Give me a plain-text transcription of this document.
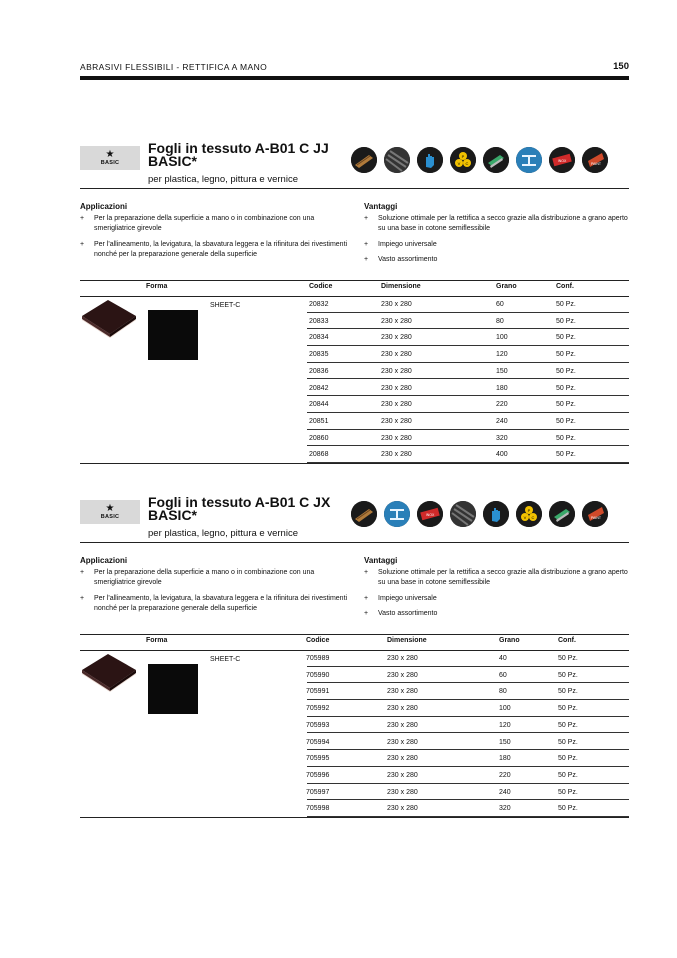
ABRASIVI FLESSIBILI - RETTIFICA A MANO	150
★
BASIC
Fogli in tessuto A-B01 C JJ BASIC*
per plastica, legno, pittura e vernice
P
V C	INOX
PAINT
Applicazioni
+ Per la preparazione della superficie a mano o in combinazione con una smerigliatrice girevole
+ Per l'allineamento, la levigatura, la sbavatura leggera e la rifinitura dei rivestimenti nonché per la preparazione generale della superficie
Vantaggi
+ Soluzione ottimale per la rettifica a secco grazie alla distribuzione a grano aperto su una base in cotone semiflessibile
+ Impiego universale
+ Vasto assortimento
Forma	Codice	Dimensione	Grano	Conf.
SHEET-C	20832	230 x 280	60	50 Pz.
20833	230 x 280	80	50 Pz.
20834	230 x 280	100	50 Pz.
20835	230 x 280	120	50 Pz.
20836	230 x 280	150	50 Pz.
20842	230 x 280	180	50 Pz.
20844	230 x 280	220	50 Pz.
20851	230 x 280	240	50 Pz.
20860	230 x 280	320	50 Pz.
20868	230 x 280	400	50 Pz.
★
BASIC
Fogli in tessuto A-B01 C JX BASIC*
per plastica, legno, pittura e vernice
INOX
P
V C	PAINT
Applicazioni
+ Per la preparazione della superficie a mano o in combinazione con una smerigliatrice girevole
+ Per l'allineamento, la levigatura, la sbavatura leggera e la rifinitura dei rivestimenti nonché per la preparazione generale della superficie
Vantaggi
+ Soluzione ottimale per la rettifica a secco grazie alla distribuzione a grano aperto su una base in cotone semiflessibile
+ Impiego universale
+ Vasto assortimento
Forma	Codice	Dimensione	Grano	Conf.
SHEET-C	705989	230 x 280	40	50 Pz.
705990	230 x 280	60	50 Pz.
705991	230 x 280	80	50 Pz.
705992	230 x 280	100	50 Pz.
705993	230 x 280	120	50 Pz.
705994	230 x 280	150	50 Pz.
705995	230 x 280	180	50 Pz.
705996	230 x 280	220	50 Pz.
705997	230 x 280	240	50 Pz.
705998	230 x 280	320	50 Pz.
